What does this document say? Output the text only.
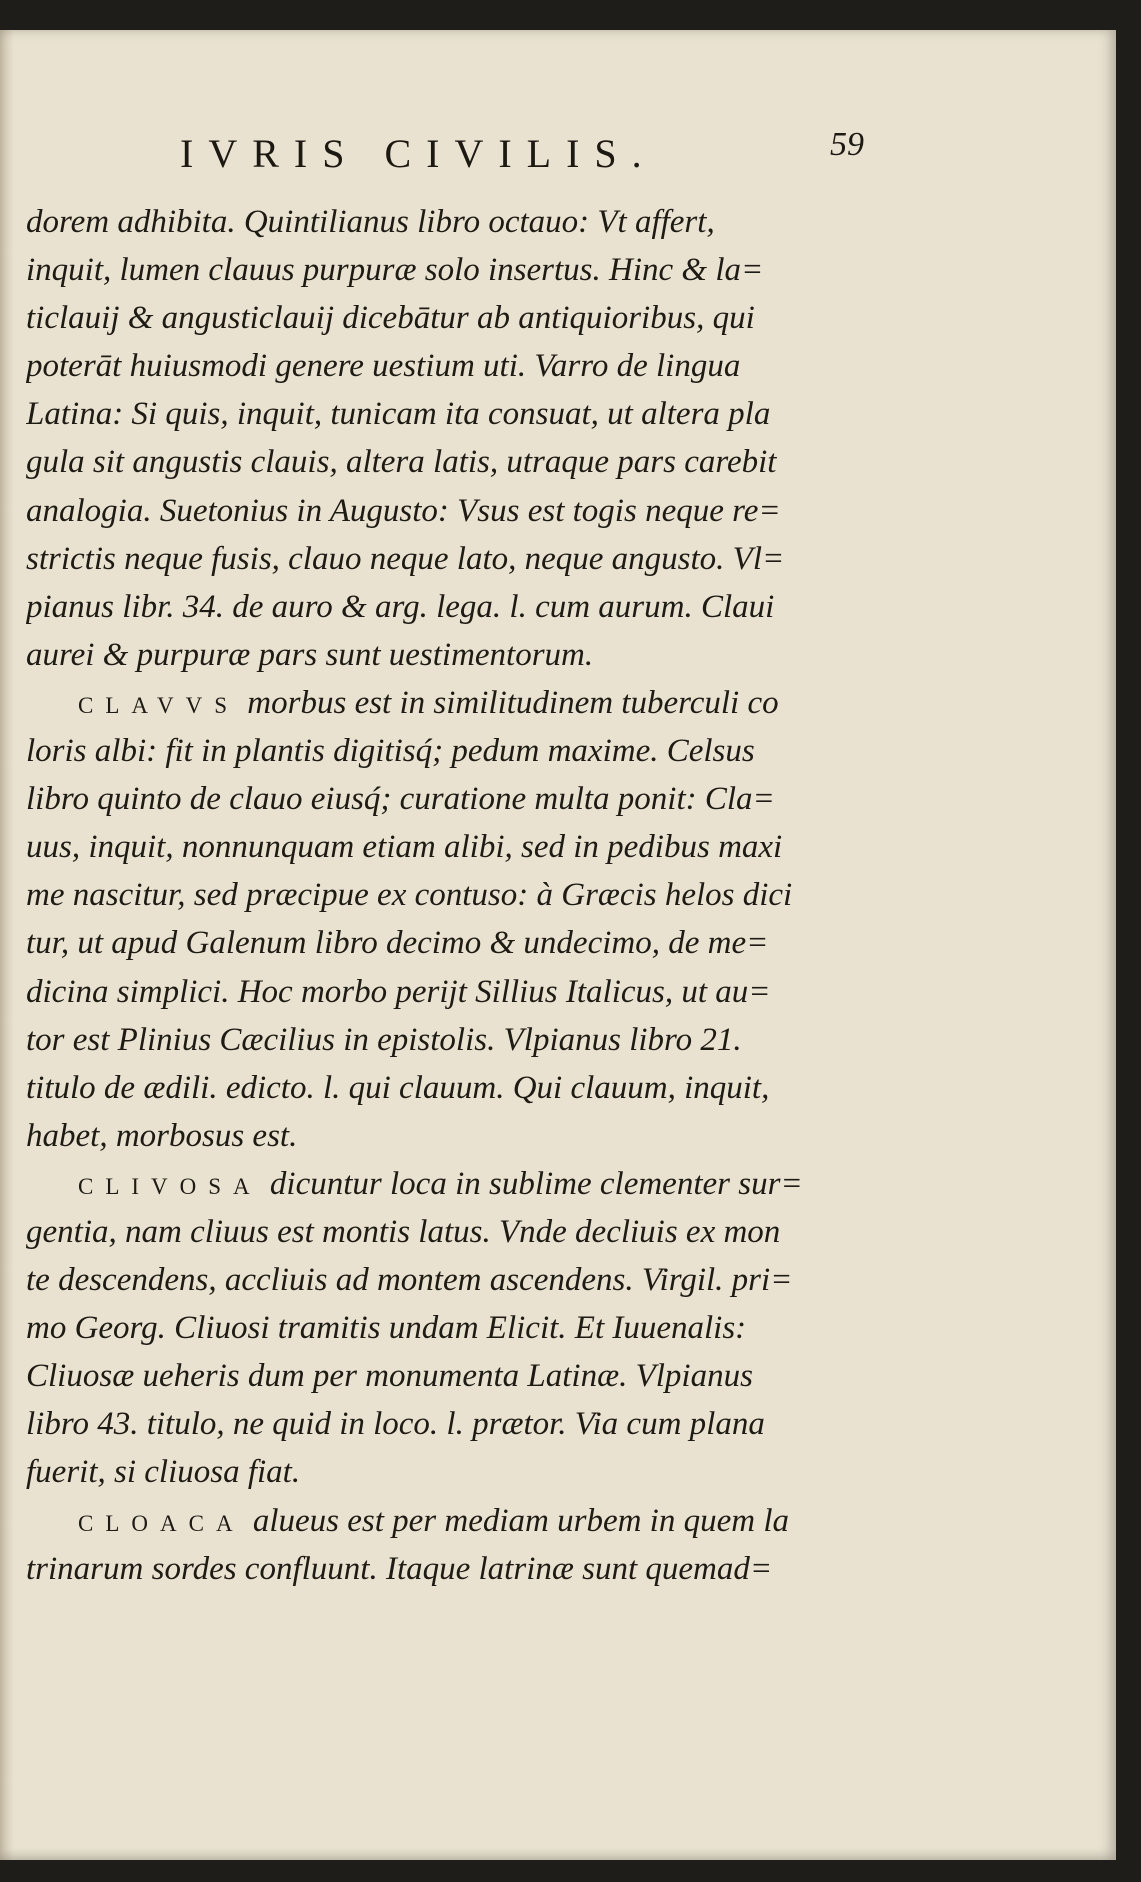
IVRIS CIVILIS.	59
dorem adhibita. Quintilianus libro octauo: Vt affert,
inquit, lumen clauus purpuræ solo insertus. Hinc & la=
ticlauij & angusticlauij dicebātur ab antiquioribus, qui
poterāt huiusmodi genere uestium uti. Varro de lingua
Latina: Si quis, inquit, tunicam ita consuat, ut altera pla
gula sit angustis clauis, altera latis, utraque pars carebit
analogia. Suetonius in Augusto: Vsus est togis neque re=
strictis neque fusis, clauo neque lato, neque angusto. Vl=
pianus libr. 34. de auro & arg. lega. l. cum aurum. Claui
aurei & purpuræ pars sunt uestimentorum.
CLAVVS morbus est in similitudinem tuberculi co
loris albi: fit in plantis digitisq́; pedum maxime. Celsus
libro quinto de clauo eiusq́; curatione multa ponit: Cla=
uus, inquit, nonnunquam etiam alibi, sed in pedibus maxi
me nascitur, sed præcipue ex contuso: à Græcis helos dici
tur, ut apud Galenum libro decimo & undecimo, de me=
dicina simplici. Hoc morbo perijt Sillius Italicus, ut au=
tor est Plinius Cæcilius in epistolis. Vlpianus libro 21.
titulo de ædili. edicto. l. qui clauum. Qui clauum, inquit,
habet, morbosus est.
CLIVOSA dicuntur loca in sublime clementer sur=
gentia, nam cliuus est montis latus. Vnde decliuis ex mon
te descendens, accliuis ad montem ascendens. Virgil. pri=
mo Georg. Cliuosi tramitis undam Elicit. Et Iuuenalis:
Cliuosæ ueheris dum per monumenta Latinæ. Vlpianus
libro 43. titulo, ne quid in loco. l. prætor. Via cum plana
fuerit, si cliuosa fiat.
CLOACA alueus est per mediam urbem in quem la
trinarum sordes confluunt. Itaque latrinæ sunt quemad=
